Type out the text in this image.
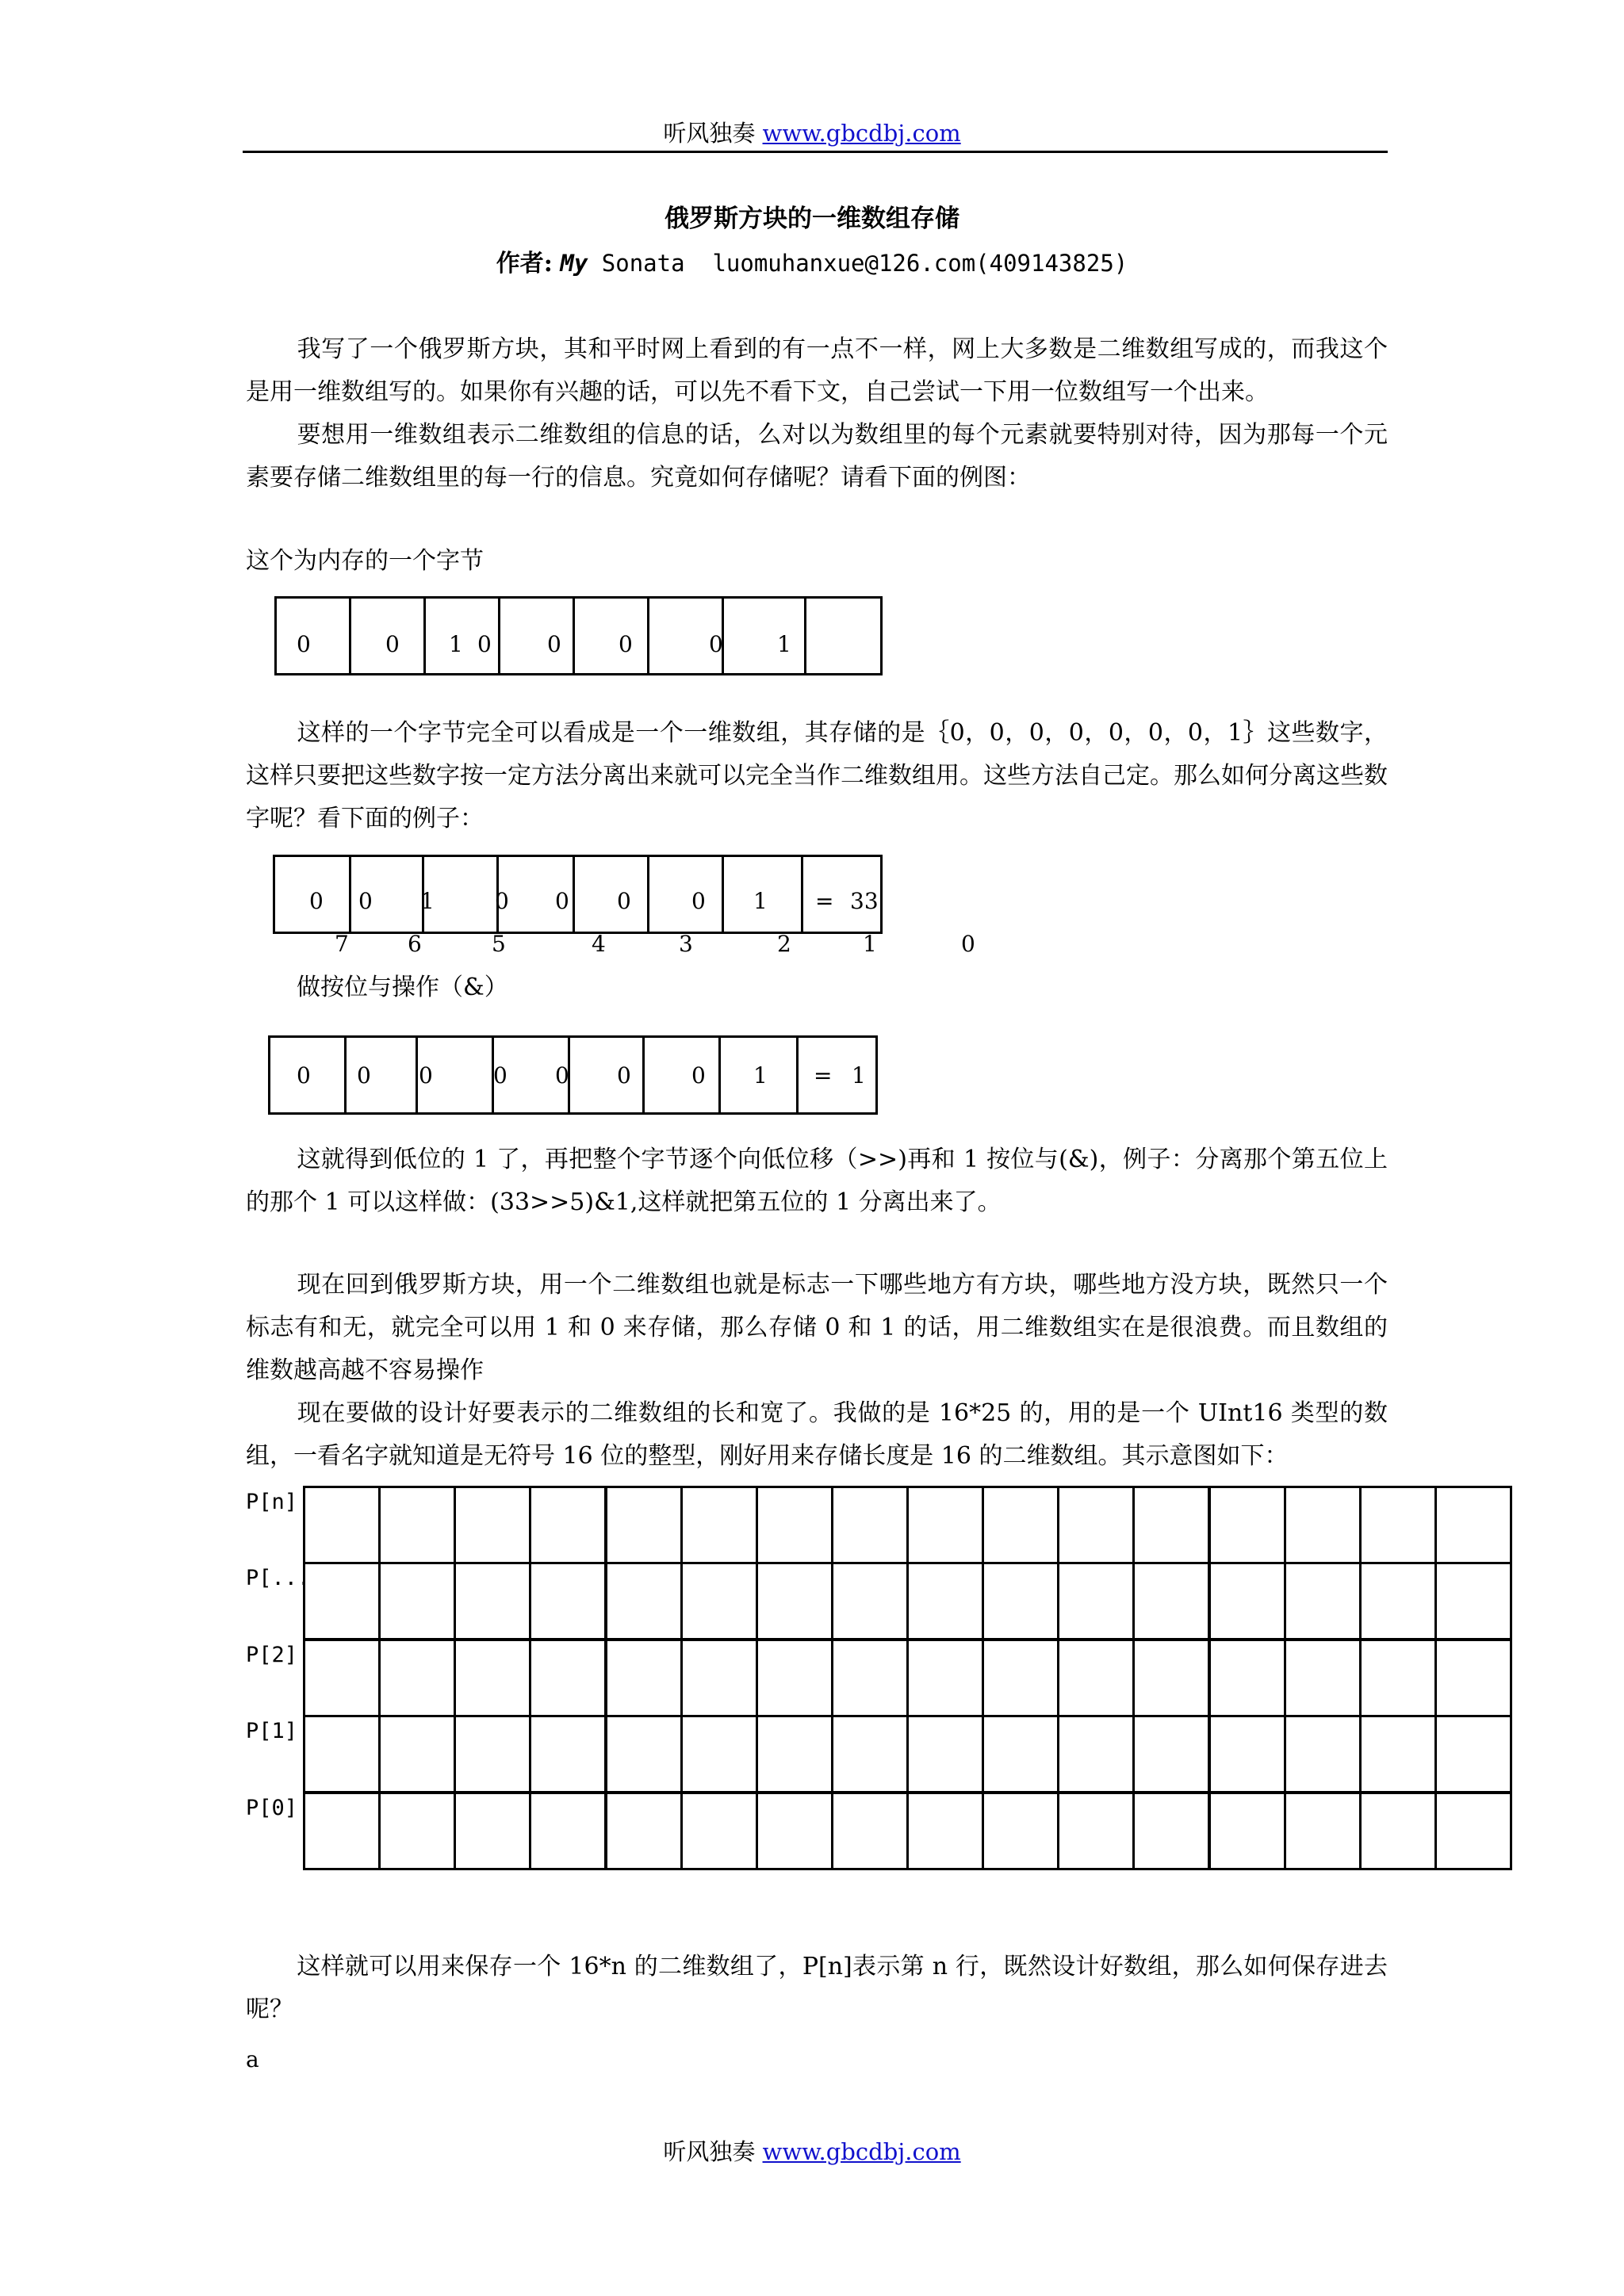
听风独奏 www.gbcdbj.com
俄罗斯方块的一维数组存储
作者: My Sonata  luomuhanxue@126.com(409143825)

我写了一个俄罗斯方块，其和平时网上看到的有一点不一样，网上大多数是二维数组写成的，而我这个是用一维数组写的。如果你有兴趣的话，可以先不看下文，自己尝试一下用一位数组写一个出来。

要想用一维数组表示二维数组的信息的话，么对以为数组里的每个元素就要特别对待，因为那每一个元素要存储二维数组里的每一行的信息。究竟如何存储呢？请看下面的例图：

这个为内存的一个字节
0	0 1 0	0	0	0 1

这样的一个字节完全可以看成是一个一维数组，其存储的是｛0，0，0，0，0，0，0，1｝这些数字，这样只要把这些数字按一定方法分离出来就可以完全当作二维数组用。这些方法自己定。那么如何分离这些数字呢？看下面的例子：

0 0 1	0 0 0	0 1 = 33
7	6	5	4	3	2	1	0
做按位与操作（&）
0 0 0	0 0 0	0 1 = 1

这就得到低位的 1 了，再把整个字节逐个向低位移（>>)再和 1 按位与(&)，例子：分离那个第五位上的那个 1 可以这样做：(33>>5)&1,这样就把第五位的 1 分离出来了。

现在回到俄罗斯方块，用一个二维数组也就是标志一下哪些地方有方块，哪些地方没方块，既然只一个标志有和无，就完全可以用 1 和 0 来存储，那么存储 0 和 1 的话，用二维数组实在是很浪费。而且数组的维数越高越不容易操作

现在要做的设计好要表示的二维数组的长和宽了。我做的是 16*25 的，用的是一个 UInt16 类型的数组，一看名字就知道是无符号 16 位的整型，刚好用来存储长度是 16 的二维数组。其示意图如下：

P[n]
P[...
P[2]
P[1]
P[0]

这样就可以用来保存一个 16*n 的二维数组了，P[n]表示第 n 行，既然设计好数组，那么如何保存进去呢？

a
听风独奏 www.gbcdbj.com
